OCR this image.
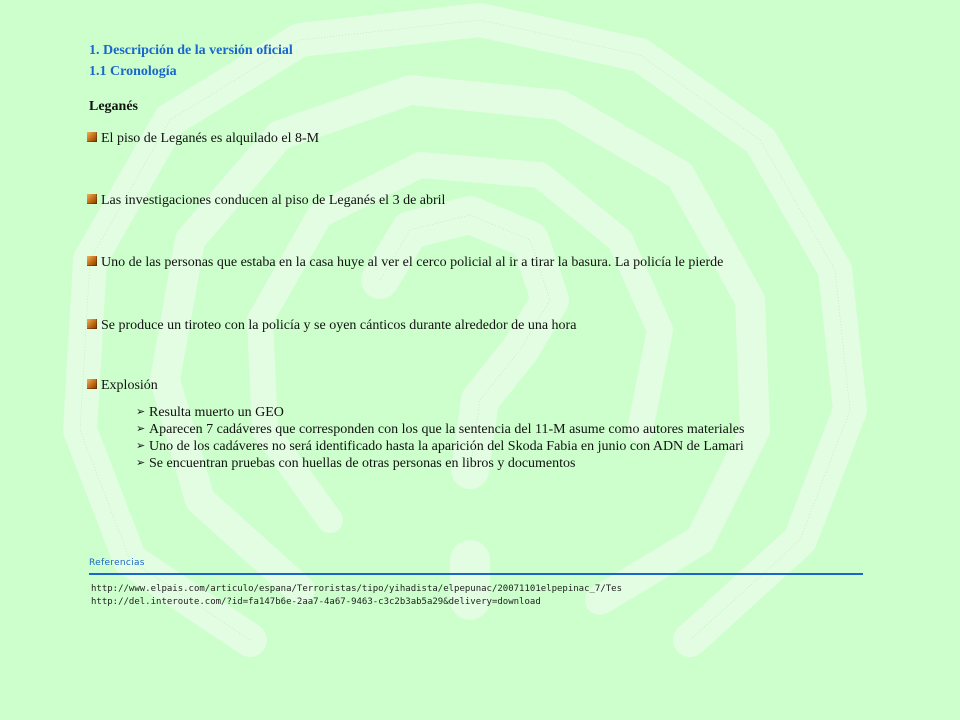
1. Descripción de la versión oficial
1.1 Cronología
Leganés
El piso de Leganés es alquilado el 8-M
Las investigaciones conducen al piso de Leganés el 3 de abril
Uno de las personas que estaba en la casa huye al ver el cerco policial al ir a tirar la basura. La policía le pierde
Se produce un tiroteo con la policía y se oyen cánticos durante alrededor de una hora
Explosión
➢ Resulta muerto un GEO
➢ Aparecen 7 cadáveres que corresponden con los que la sentencia del 11-M asume como autores materiales
➢ Uno de los cadáveres no será identificado hasta la aparición del Skoda Fabia en junio con ADN de Lamari
➢ Se encuentran pruebas con huellas de otras personas en libros y documentos
Referencias
http://www.elpais.com/articulo/espana/Terroristas/tipo/yihadista/elpepunac/20071101elpepinac_7/Tes
http://del.interoute.com/?id=fa147b6e-2aa7-4a67-9463-c3c2b3ab5a29&delivery=download
